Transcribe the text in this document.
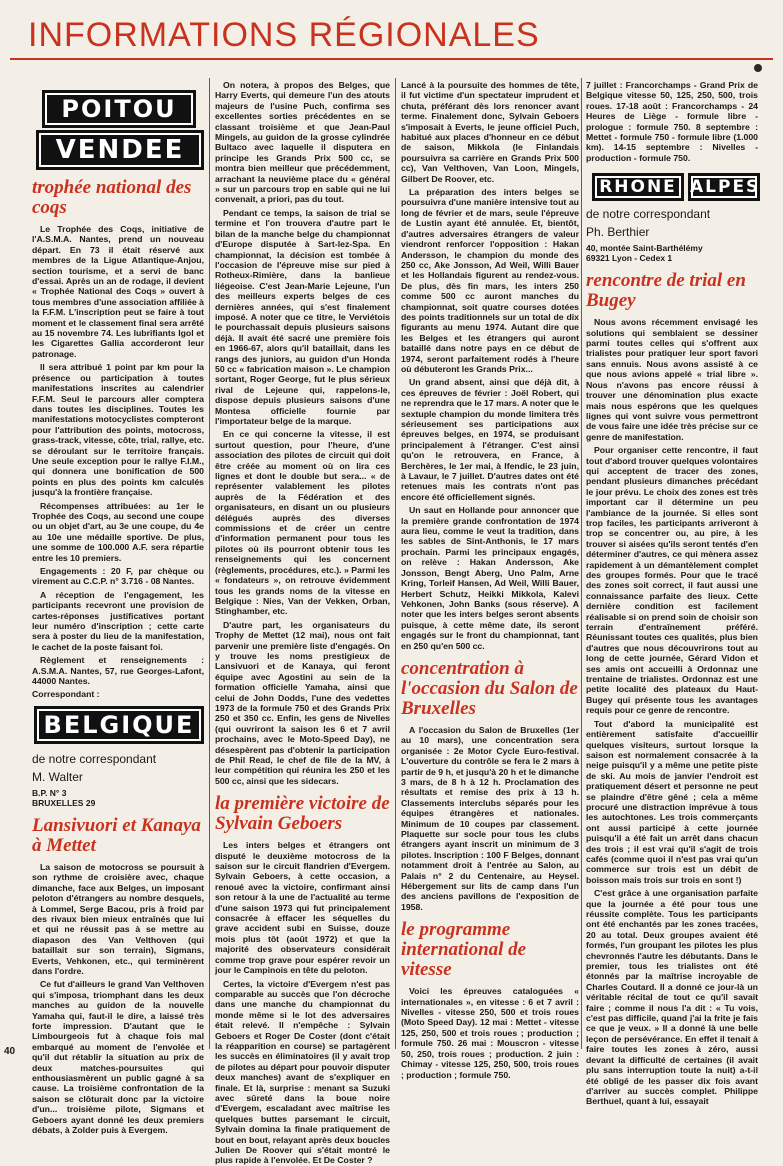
INFORMATIONS RÉGIONALES
POITOU
VENDEE
trophée national des coqs

Le Trophée des Coqs, initiative de l'A.S.M.A. Nantes, prend un nouveau départ. En 73 il était réservé aux membres de la Ligue Atlantique-Anjou, section tourisme, et a servi de banc d'essai. Après un an de rodage, il devient « Trophée National des Coqs » ouvert à tous membres d'une association affiliée à la F.F.M. L'inscription peut se faire à tout moment et le classement final sera arrêté au 15 novembre 74. Les lubrifiants Igol et les Cigarettes Gallia accorderont leur patronage.

Il sera attribué 1 point par km pour la présence ou participation à toutes manifestations inscrites au calendrier F.F.M. Seul le parcours aller comptera dans toutes les disciplines. Toutes les manifestations motocyclistes compteront pour l'attribution des points, motocross, grass-track, vitesse, côte, trial, rallye, etc. se déroulant sur le territoire français. Une seule exception pour le rallye F.I.M., qui donnera une bonification de 500 points en plus des points km calculés jusqu'à la frontière française.

Récompenses attribuées: au 1er le Trophée des Coqs, au second une coupe ou un objet d'art, au 3e une coupe, du 4e au 10e une médaille sportive. De plus, une somme de 100.000 A.F. sera répartie entre les 10 premiers.

Engagements : 20 F, par chèque ou virement au C.C.P. n° 3.716 - 08 Nantes.

A réception de l'engagement, les participants recevront une provision de cartes-réponses justificatives portant leur numéro d'inscription ; cette carte sera à poster du lieu de la manifestation, le cachet de la poste faisant foi.

Règlement et renseignements : A.S.M.A. Nantes, 57, rue Georges-Lafont, 44000 Nantes.

Correspondant :

BELGIQUE
de notre correspondant
M. Walter
B.P. N° 3
BRUXELLES 29
Lansivuori et Kanaya à Mettet

La saison de motocross se poursuit à son rythme de croisière avec, chaque dimanche, face aux Belges, un imposant peloton d'étrangers au nombre desquels, à Lommel, Serge Bacou, pris à froid par des rivaux bien mieux entraînés que lui et qui ne réussit pas à se mettre au diapason des Van Velthoven (qui bataillait sur son terrain), Sigmans, Everts, Vehkonen, etc., qui terminèrent dans l'ordre.

Ce fut d'ailleurs le grand Van Velthoven qui s'imposa, triomphant dans les deux manches au guidon de la nouvelle Yamaha qui, faut-il le dire, a laissé très forte impression. D'autant que le Limbourgeois fut à chaque fois mal embarqué au moment de l'envolée et qu'il dut rétablir la situation au prix de deux matches-poursuites qui enthousiasmèrent un public gagné à sa cause. La troisième confrontation de la saison se clôturait donc par la victoire d'un... troisième pilote, Sigmans et Geboers ayant donné les deux premiers débats, à Zolder puis à Evergem.

On notera, à propos des Belges, que Harry Everts, qui demeure l'un des atouts majeurs de l'usine Puch, confirma ses excellentes sorties précédentes en se classant troisième et que Jean-Paul Mingels, au guidon de la grosse cylindrée Bultaco avec laquelle il disputera en principe les Grands Prix 500 cc, se montra bien meilleur que précédemment, arrachant la neuvième place du « général » sur un parcours trop en sable qui ne lui convenait, a priori, pas du tout.

Pendant ce temps, la saison de trial se termine et l'on trouvera d'autre part le bilan de la manche belge du championnat d'Europe disputée à Sart-lez-Spa. En championnat, la décision est tombée à l'occasion de l'épreuve mise sur pied à Rotheux-Rimière, dans la banlieue liégeoise. C'est Jean-Marie Lejeune, l'un des meilleurs experts belges de ces dernières années, qui s'est finalement imposé. A noter que ce titre, le Verviétois le pourchassait depuis plusieurs saisons déjà. Il avait été sacré une première fois en 1966-67, alors qu'il bataillait, dans les rangs des juniors, au guidon d'un Honda 50 cc « fabrication maison ». Le champion sortant, Roger George, fut le plus sérieux rival de Lejeune qui, rappelons-le, dispose depuis plusieurs saisons d'une Montesa officielle fournie par l'importateur belge de la marque.

En ce qui concerne la vitesse, il est surtout question, pour l'heure, d'une association des pilotes de circuit qui doit être créée au moment où on lira ces lignes et dont le double but sera... « de représenter valablement les pilotes auprès de la Fédération et des organisateurs, en disant un ou plusieurs délégués auprès des diverses commissions et de créer un centre d'information permanent pour tous les pilotes où ils pourront obtenir tous les renseignements qui les concernent (règlements, procédures, etc.). » Parmi les « fondateurs », on retrouve évidemment tous les grands noms de la vitesse en Belgique : Nies, Van der Vekken, Orban, Stinghamber, etc.

D'autre part, les organisateurs du Trophy de Mettet (12 mai), nous ont fait parvenir une première liste d'engagés. On y trouve les noms prestigieux de Lansivuori et de Kanaya, qui feront équipe avec Agostini au sein de la formation officielle Yamaha, ainsi que celui de John Dodds, l'une des vedettes 1973 de la formule 750 et des Grands Prix 250 et 350 cc. Enfin, les gens de Nivelles (qui ouvriront la saison les 6 et 7 avril prochains, avec le Moto-Speed Day), ne désespèrent pas d'obtenir la participation de Phil Read, le chef de file de la MV, à leur compétition qui réunira les 250 et les 500 cc, ainsi que les sidecars.

la première victoire de Sylvain Geboers

Les inters belges et étrangers ont disputé le deuxième motocross de la saison sur le circuit flandrien d'Evergem. Sylvain Geboers, à cette occasion, a renoué avec la victoire, confirmant ainsi son retour à la une de l'actualité au terme d'une saison 1973 qui fut principalement consacrée à effacer les séquelles du grave accident subi en Suisse, douze mois plus tôt (août 1972) et que la majorité des observateurs considérait comme trop grave pour espérer revoir un jour le Campinois en tête du peloton.

Certes, la victoire d'Evergem n'est pas comparable au succès que l'on décroche dans une manche du championnat du monde même si le lot des adversaires était relevé. Il n'empêche : Sylvain Geboers et Roger De Coster (dont c'était la réapparition en course) se partagèrent les succès en éliminatoires (il y avait trop de pilotes au départ pour pouvoir disputer deux manches) avant de s'expliquer en finale. Et là, surprise : menant sa Suzuki avec sûreté dans la boue noire d'Evergem, escaladant avec maîtrise les quelques buttes parsemant le circuit, Sylvain domina la finale pratiquement de bout en bout, relayant après deux boucles Julien De Roover qui s'était montré le plus rapide à l'envolée. Et De Coster ?

Lancé à la poursuite des hommes de tête, il fut victime d'un spectateur imprudent et chuta, préférant dès lors renoncer avant terme. Finalement donc, Sylvain Geboers s'imposait à Everts, le jeune officiel Puch, habitué aux places d'honneur en ce début de saison, Mikkola (le Finlandais poursuivra sa carrière en Grands Prix 500 cc), Van Velthoven, Van Loon, Mingels, Gilbert De Roover, etc.

La préparation des inters belges se poursuivra d'une manière intensive tout au long de février et de mars, seule l'épreuve de Lustin ayant été annulée. Et, bientôt, d'autres adversaires étrangers de valeur viendront renforcer l'opposition : Hakan Andersson, le champion du monde des 250 cc, Ake Jonsson, Ad Weil, Willi Bauer et les Hollandais figurent au rendez-vous. De plus, dès fin mars, les inters 250 comme 500 cc auront manches du championnat, soit quatre courses dotées des points traditionnels sur un total de dix figurants au menu 1974. Autant dire que les Belges et les étrangers qui auront bataillé dans notre pays en ce début de 1974, seront parfaitement rodés à l'heure où débuteront les Grands Prix...

Un grand absent, ainsi que déjà dit, à ces épreuves de février : Joël Robert, qui ne reprendra que le 17 mars. A noter que le sextuple champion du monde limitera très sérieusement ses participations aux épreuves belges, en 1974, se produisant principalement à l'étranger. C'est ainsi qu'on le retrouvera, en France, à Berchères, le 1er mai, à Ifendic, le 23 juin, à Lavaur, le 7 juillet. D'autres dates ont été retenues mais les contrats n'ont pas encore été officiellement signés.

Un saut en Hollande pour annoncer que la première grande confrontation de 1974 aura lieu, comme le veut la tradition, dans les sables de Sint-Anthonis, le 17 mars prochain. Parmi les principaux engagés, on relève : Hakan Andersson, Ake Jonsson, Bengt Aberg, Uno Palm, Arne Kring, Torleif Hansen, Ad Weil, Willi Bauer, Herbert Schutz, Heikki Mikkola, Kalevi Vehkonen, John Banks (sous réserve). A noter que les inters belges seront absents puisque, à cette même date, ils seront engagés sur le front du championnat, tant en 250 qu'en 500 cc.

concentration à l'occasion du Salon de Bruxelles

A l'occasion du Salon de Bruxelles (1er au 10 mars), une concentration sera organisée : 2e Motor Cycle Euro-festival. L'ouverture du contrôle se fera le 2 mars à partir de 9 h, et jusqu'à 20 h et le dimanche 3 mars, de 8 h à 12 h. Proclamation des résultats et remise des prix à 13 h. Classements interclubs séparés pour les équipes étrangères et nationales. Minimum de 10 coupes par classement. Plaquette sur socle pour tous les clubs étrangers ayant inscrit un minimum de 3 pilotes. Inscription : 100 F Belges, donnant notamment droit à l'entrée au Salon, au Palais n° 2 du Centenaire, au Heysel. Hébergement sur lits de camp dans l'un des anciens pavillons de l'exposition de 1958.

le programme international de vitesse

Voici les épreuves cataloguées « internationales », en vitesse : 6 et 7 avril : Nivelles - vitesse 250, 500 et trois roues (Moto Speed Day). 12 mai : Mettet - vitesse 125, 250, 500 et trois roues ; production ; formule 750. 26 mai : Mouscron - vitesse 50, 250, trois roues ; production. 2 juin : Chimay - vitesse 125, 250, 500, trois roues ; production ; formule 750.

7 juillet : Francorchamps - Grand Prix de Belgique vitesse 50, 125, 250, 500, trois roues. 17-18 août : Francorchamps - 24 Heures de Liège - formule libre - prologue : formule 750. 8 septembre : Mettet - formule 750 - formule libre (1.000 km). 14-15 septembre : Nivelles - production - formule 750.

RHONE ALPES
de notre correspondant
Ph. Berthier
40, montée Saint-Barthélémy
69321 Lyon - Cedex 1
rencontre de trial en Bugey

Nous avons récemment envisagé les solutions qui semblaient se dessiner parmi toutes celles qui s'offrent aux trialistes pour pratiquer leur sport favori sans ennuis. Nous avons assisté à ce que nous avions appelé « trial libre ». Nous n'avons pas encore réussi à trouver une dénomination plus exacte mais nous espérons que les quelques lignes qui vont suivre vous permettront de vous faire une idée très précise sur ce genre de manifestation.

Pour organiser cette rencontre, il faut tout d'abord trouver quelques volontaires qui acceptent de tracer des zones, pendant plusieurs dimanches précédant le jour prévu. Le choix des zones est très important car il détermine un peu l'ambiance de la journée. Si elles sont trop faciles, les participants arriveront à trop se concentrer ou, au pire, à les trouver si aisées qu'ils seront tentés d'en déterminer d'autres, ce qui mènera assez rapidement à un démantèlement complet des groupes formés. Pour que le tracé des zones soit correct, il faut aussi une connaissance parfaite des lieux. Cette dernière condition est facilement réalisable si on prend soin de choisir son terrain d'entraînement préféré. Réunissant toutes ces qualités, plus bien d'autres que nous découvrirons tout au long de cette journée, Gérard Vidon et ses amis ont accueilli à Ordonnaz une trentaine de trialistes. Ordonnaz est une petite localité des plateaux du Haut-Bugey qui présente tous les avantages requis pour ce genre de rencontre.

Tout d'abord la municipalité est entièrement satisfaite d'accueillir quelques visiteurs, surtout lorsque la saison est normalement consacrée à la neige puisqu'il y a même une petite piste de ski. Au mois de janvier l'endroit est pratiquement désert et personne ne peut se plaindre d'être gêné ; cela a même procuré une distraction imprévue à tous les autochtones. Les trois commerçants ont aussi participé à cette journée puisqu'il a été fait un arrêt dans chacun des trois ; il est vrai qu'il s'agit de trois cafés (comme quoi il n'est pas vrai qu'un commerce sur trois est un débit de boisson mais trois sur trois en sont !)

C'est grâce à une organisation parfaite que la journée a été pour tous une réussite complète. Tous les participants ont été enchantés par les zones tracées, 20 au total. Deux groupes avaient été formés, l'un groupant les pilotes les plus chevronnés l'autre les débutants. Dans le premier, tous les trialistes ont été étonnés par la maîtrise incroyable de Charles Coutard. Il a donné ce jour-là un véritable récital de tout ce qu'il savait faire ; comme il nous l'a dit : « Tu vois, c'est pas difficile, quand j'ai la frite je fais ce que je veux. » Il a donné là une belle leçon de persévérance. En effet il tenait à faire toutes les zones à zéro, aussi devant la difficulté de certaines (il avait plu sans interruption toute la nuit) a-t-il été obligé de les passer dix fois avant d'arriver au succès complet. Philippe Berthuel, quant à lui, essayait

40
